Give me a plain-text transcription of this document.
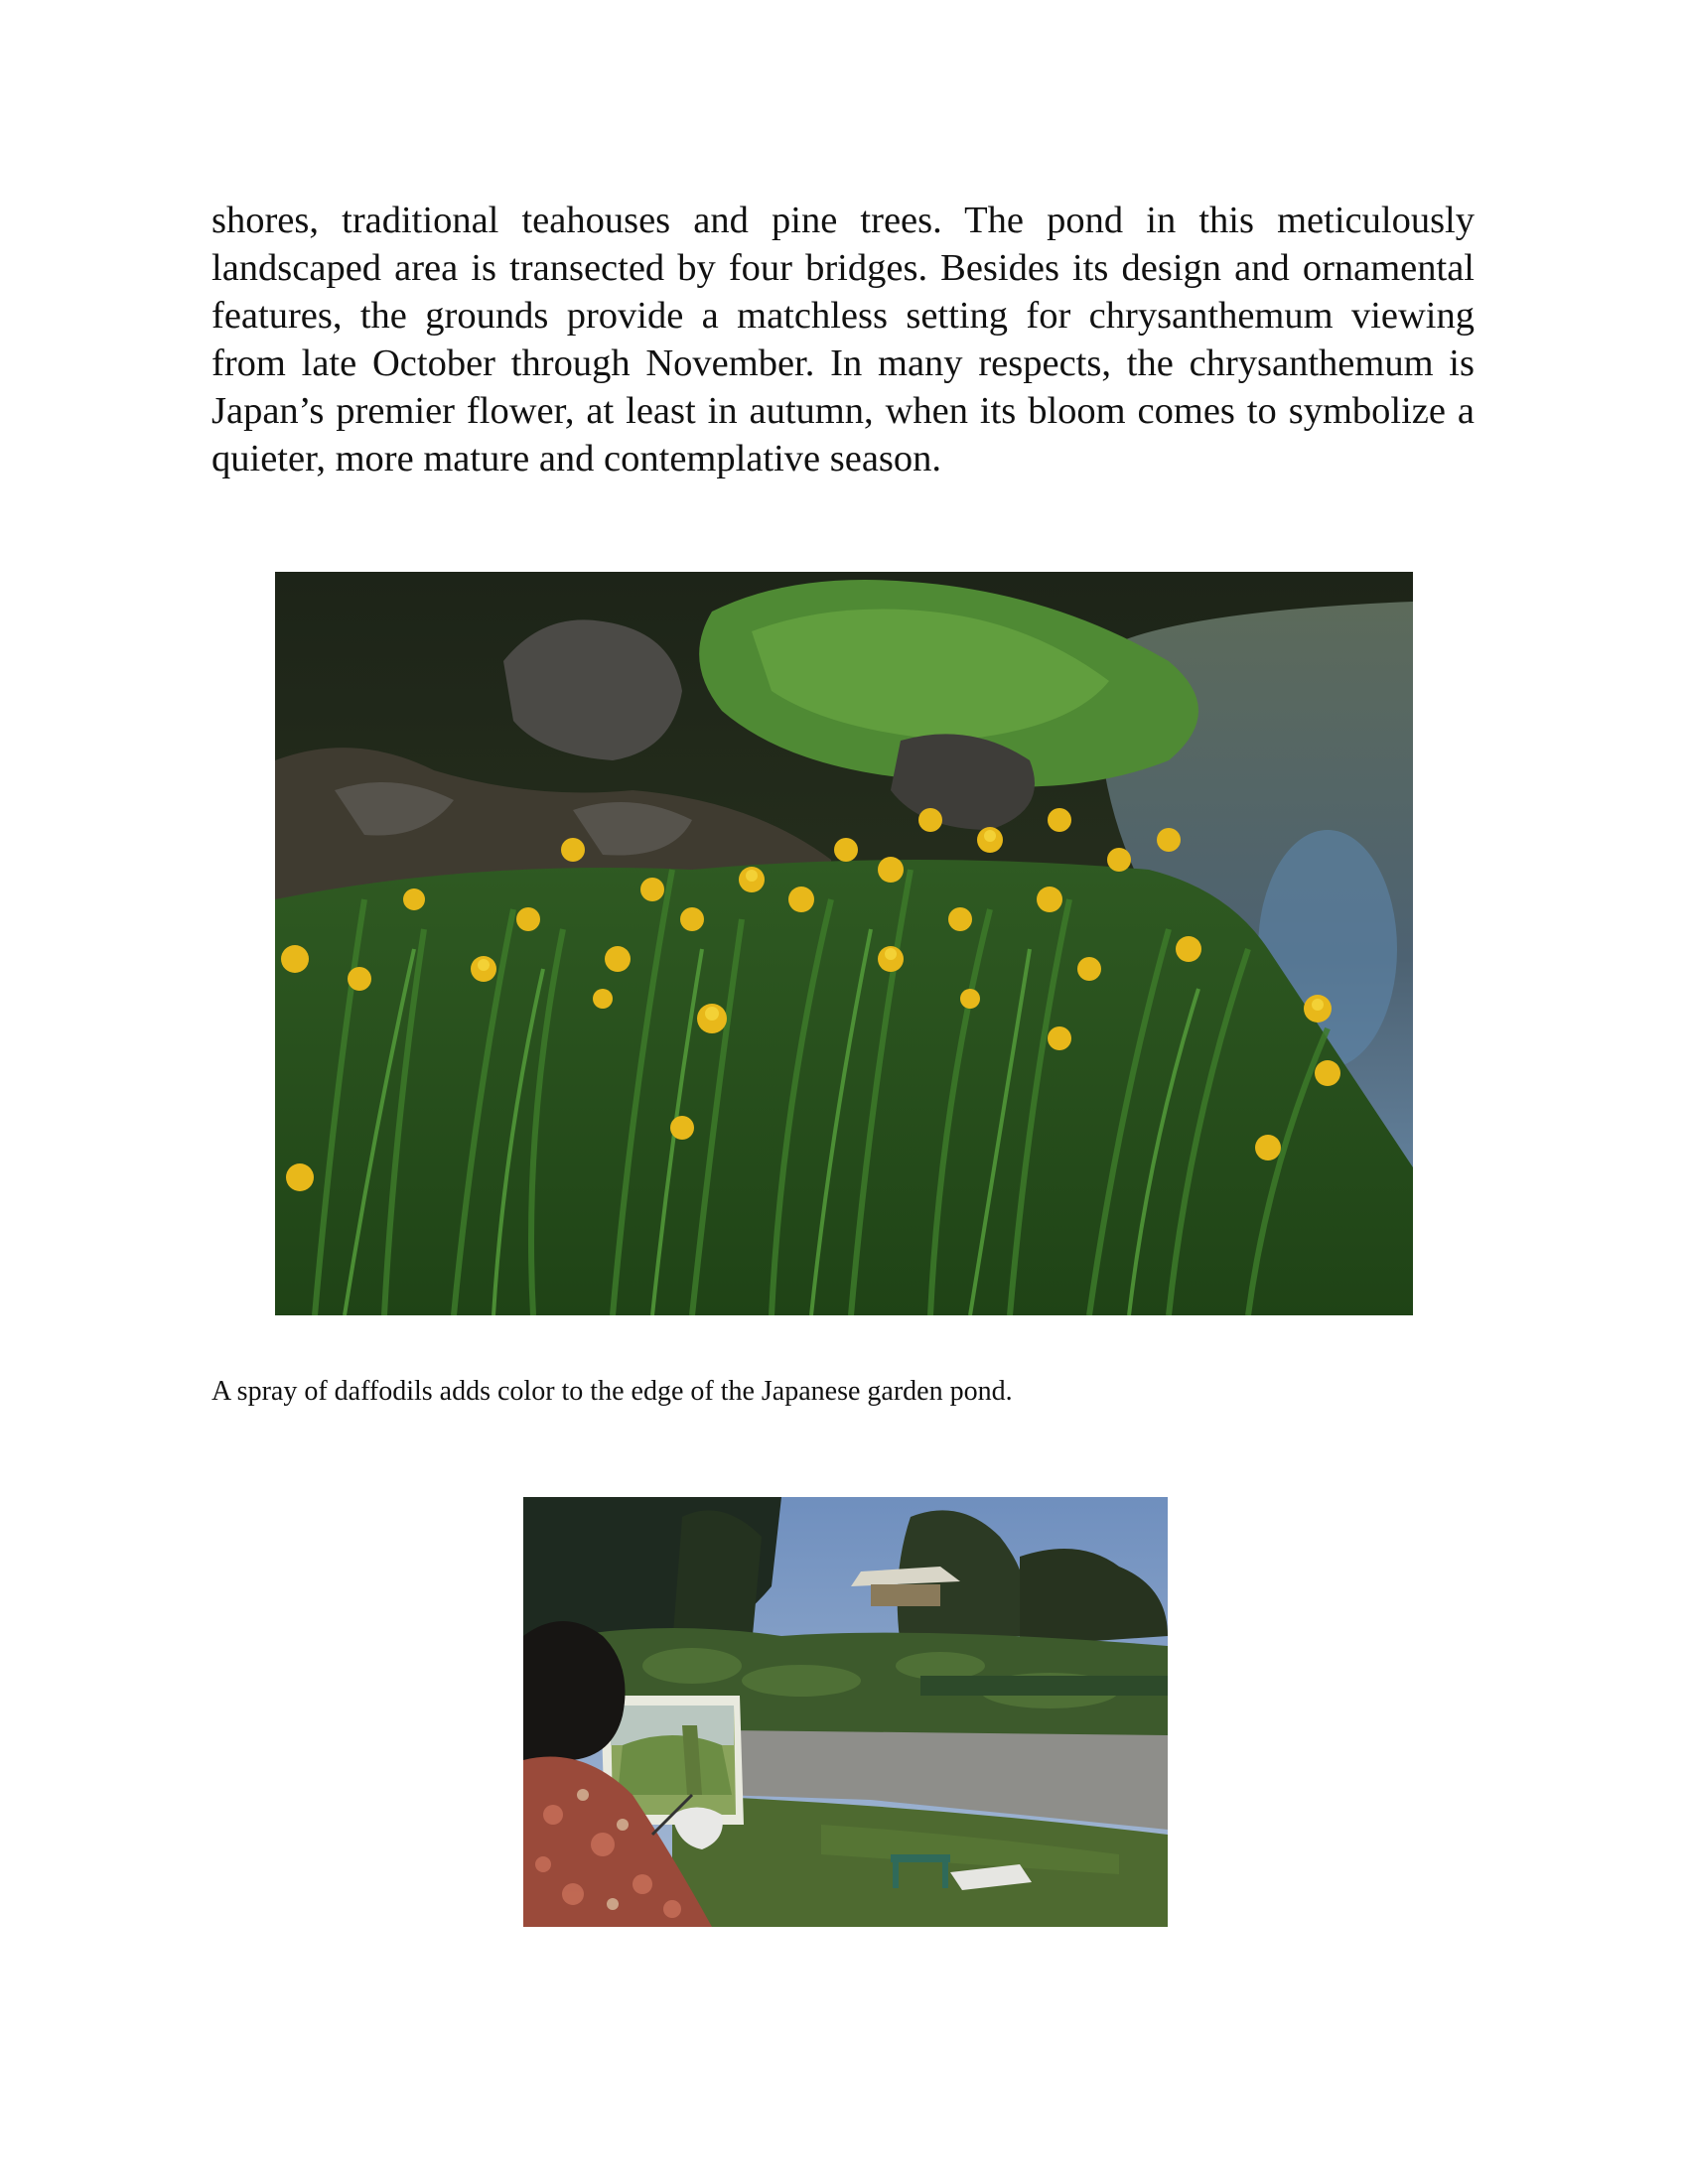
shores, traditional teahouses and pine trees. The pond in this meticulously landscaped area is transected by four bridges. Besides its design and ornamental features, the grounds provide a matchless setting for chrysanthemum viewing from late October through November. In many respects, the chrysanthemum is Japan’s premier flower, at least in autumn, when its bloom comes to symbolize a quieter, more mature and contemplative season.

A spray of daffodils adds color to the edge of the Japanese garden pond.
